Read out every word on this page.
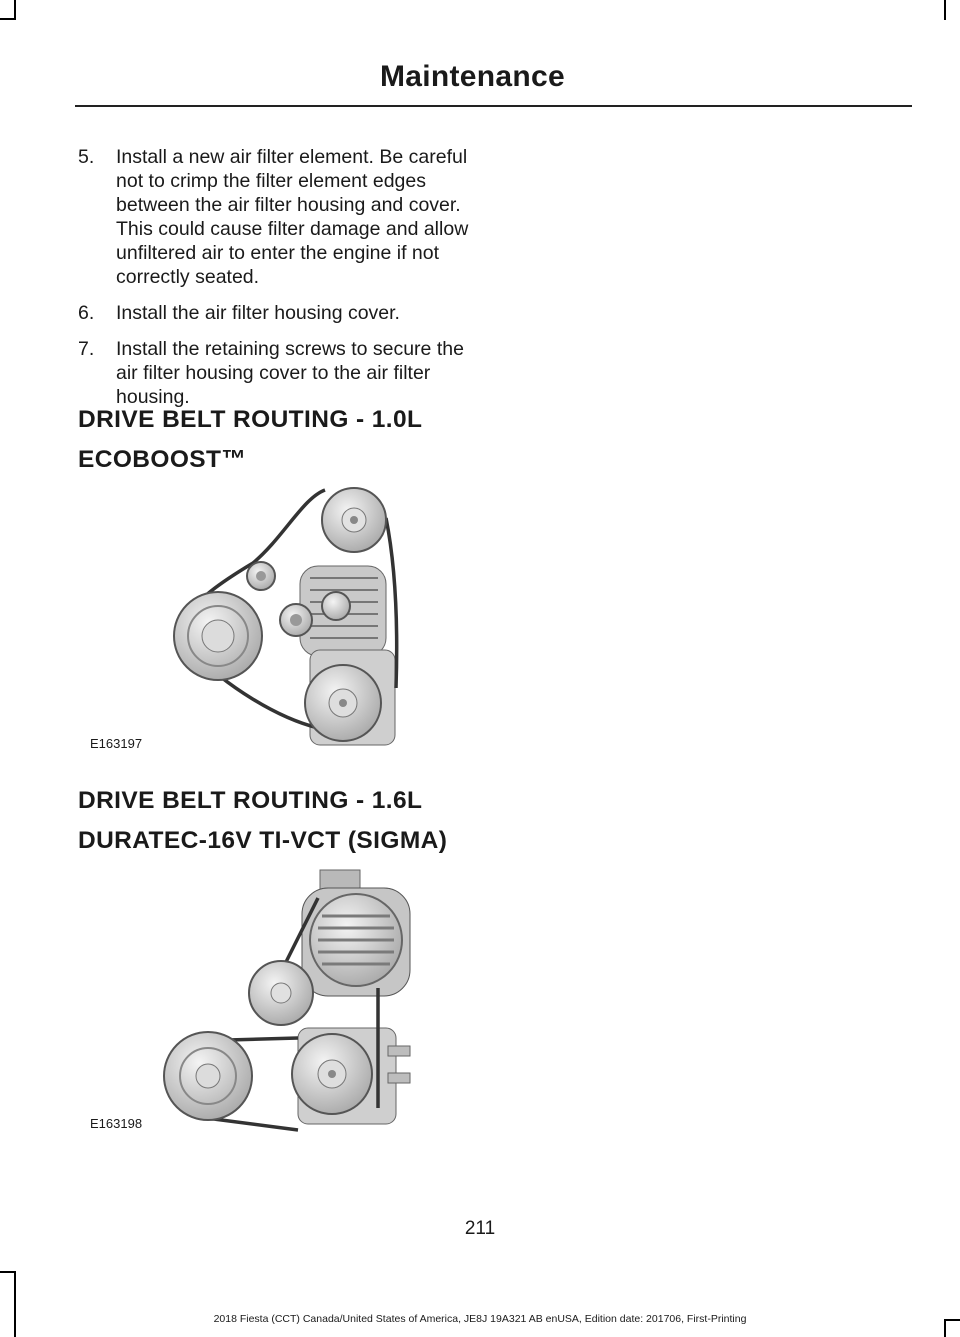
Maintenance
5. Install a new air filter element. Be careful not to crimp the filter element edges between the air filter housing and cover. This could cause filter damage and allow unfiltered air to enter the engine if not correctly seated.
6. Install the air filter housing cover.
7. Install the retaining screws to secure the air filter housing cover to the air filter housing.
DRIVE BELT ROUTING - 1.0L
ECOBOOST™
E163197
DRIVE BELT ROUTING - 1.6L
DURATEC-16V TI-VCT (SIGMA)
E163198
211
2018 Fiesta (CCT) Canada/United States of America, JE8J 19A321 AB enUSA, Edition date: 201706, First-Printing
